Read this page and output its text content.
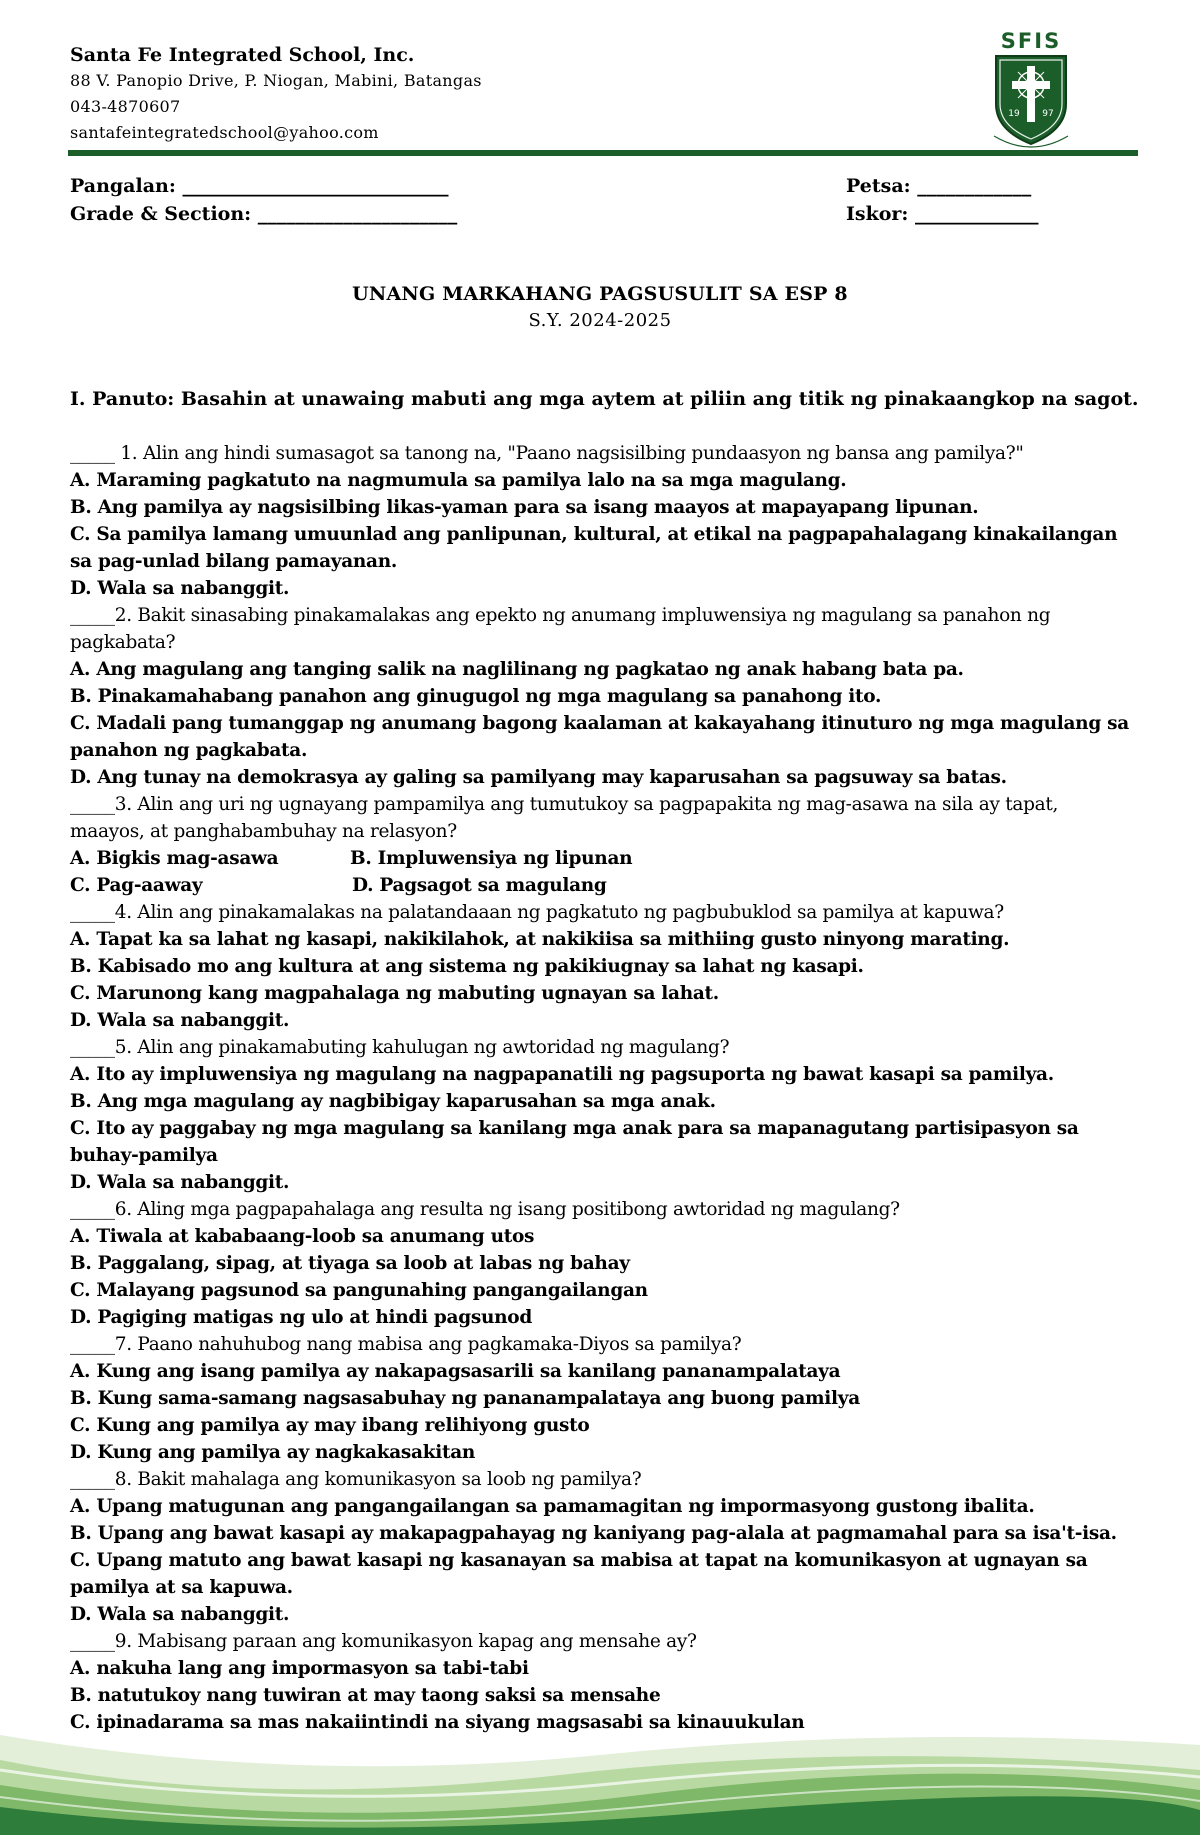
Santa Fe Integrated School, Inc.
88 V. Panopio Drive, P. Niogan, Mabini, Batangas
043-4870607
santafeintegratedschool@yahoo.com
SFIS
19	97
Pangalan: ____________________________
Grade & Section: _____________________
Petsa: ____________
Iskor: _____________
UNANG MARKAHANG PAGSUSULIT SA ESP 8
S.Y. 2024-2025
I. Panuto: Basahin at unawaing mabuti ang mga aytem at piliin ang titik ng pinakaangkop na sagot.
_____ 1. Alin ang hindi sumasagot sa tanong na, "Paano nagsisilbing pundaasyon ng bansa ang pamilya?"
A. Maraming pagkatuto na nagmumula sa pamilya lalo na sa mga magulang.
B. Ang pamilya ay nagsisilbing likas-yaman para sa isang maayos at mapayapang lipunan.
C. Sa pamilya lamang umuunlad ang panlipunan, kultural, at etikal na pagpapahalagang kinakailangan sa pag-unlad bilang pamayanan.
D. Wala sa nabanggit.
_____2. Bakit sinasabing pinakamalakas ang epekto ng anumang impluwensiya ng magulang sa panahon ng pagkabata?
A. Ang magulang ang tanging salik na naglilinang ng pagkatao ng anak habang bata pa.
B. Pinakamahabang panahon ang ginugugol ng mga magulang sa panahong ito.
C. Madali pang tumanggap ng anumang bagong kaalaman at kakayahang itinuturo ng mga magulang sa panahon ng pagkabata.
D. Ang tunay na demokrasya ay galing sa pamilyang may kaparusahan sa pagsuway sa batas.
_____3. Alin ang uri ng ugnayang pampamilya ang tumutukoy sa pagpapakita ng mag-asawa na sila ay tapat, maayos, at panghabambuhay na relasyon?
A. Bigkis mag-asawa	B. Impluwensiya ng lipunan
C. Pag-aaway	D. Pagsagot sa magulang
_____4. Alin ang pinakamalakas na palatandaaan ng pagkatuto ng pagbubuklod sa pamilya at kapuwa?
A. Tapat ka sa lahat ng kasapi, nakikilahok, at nakikiisa sa mithiing gusto ninyong marating.
B. Kabisado mo ang kultura at ang sistema ng pakikiugnay sa lahat ng kasapi.
C. Marunong kang magpahalaga ng mabuting ugnayan sa lahat.
D. Wala sa nabanggit.
_____5. Alin ang pinakamabuting kahulugan ng awtoridad ng magulang?
A. Ito ay impluwensiya ng magulang na nagpapanatili ng pagsuporta ng bawat kasapi sa pamilya.
B. Ang mga magulang ay nagbibigay kaparusahan sa mga anak.
C. Ito ay paggabay ng mga magulang sa kanilang mga anak para sa mapanagutang partisipasyon sa buhay-pamilya
D. Wala sa nabanggit.
_____6. Aling mga pagpapahalaga ang resulta ng isang positibong awtoridad ng magulang?
A. Tiwala at kababaang-loob sa anumang utos
B. Paggalang, sipag, at tiyaga sa loob at labas ng bahay
C. Malayang pagsunod sa pangunahing pangangailangan
D. Pagiging matigas ng ulo at hindi pagsunod
_____7. Paano nahuhubog nang mabisa ang pagkamaka-Diyos sa pamilya?
A. Kung ang isang pamilya ay nakapagsasarili sa kanilang pananampalataya
B. Kung sama-samang nagsasabuhay ng pananampalataya ang buong pamilya
C. Kung ang pamilya ay may ibang relihiyong gusto
D. Kung ang pamilya ay nagkakasakitan
_____8. Bakit mahalaga ang komunikasyon sa loob ng pamilya?
A. Upang matugunan ang pangangailangan sa pamamagitan ng impormasyong gustong ibalita.
B. Upang ang bawat kasapi ay makapagpahayag ng kaniyang pag-alala at pagmamahal para sa isa't-isa.
C. Upang matuto ang bawat kasapi ng kasanayan sa mabisa at tapat na komunikasyon at ugnayan sa pamilya at sa kapuwa.
D. Wala sa nabanggit.
_____9. Mabisang paraan ang komunikasyon kapag ang mensahe ay?
A. nakuha lang ang impormasyon sa tabi-tabi
B. natutukoy nang tuwiran at may taong saksi sa mensahe
C. ipinadarama sa mas nakaiintindi na siyang magsasabi sa kinauukulan
